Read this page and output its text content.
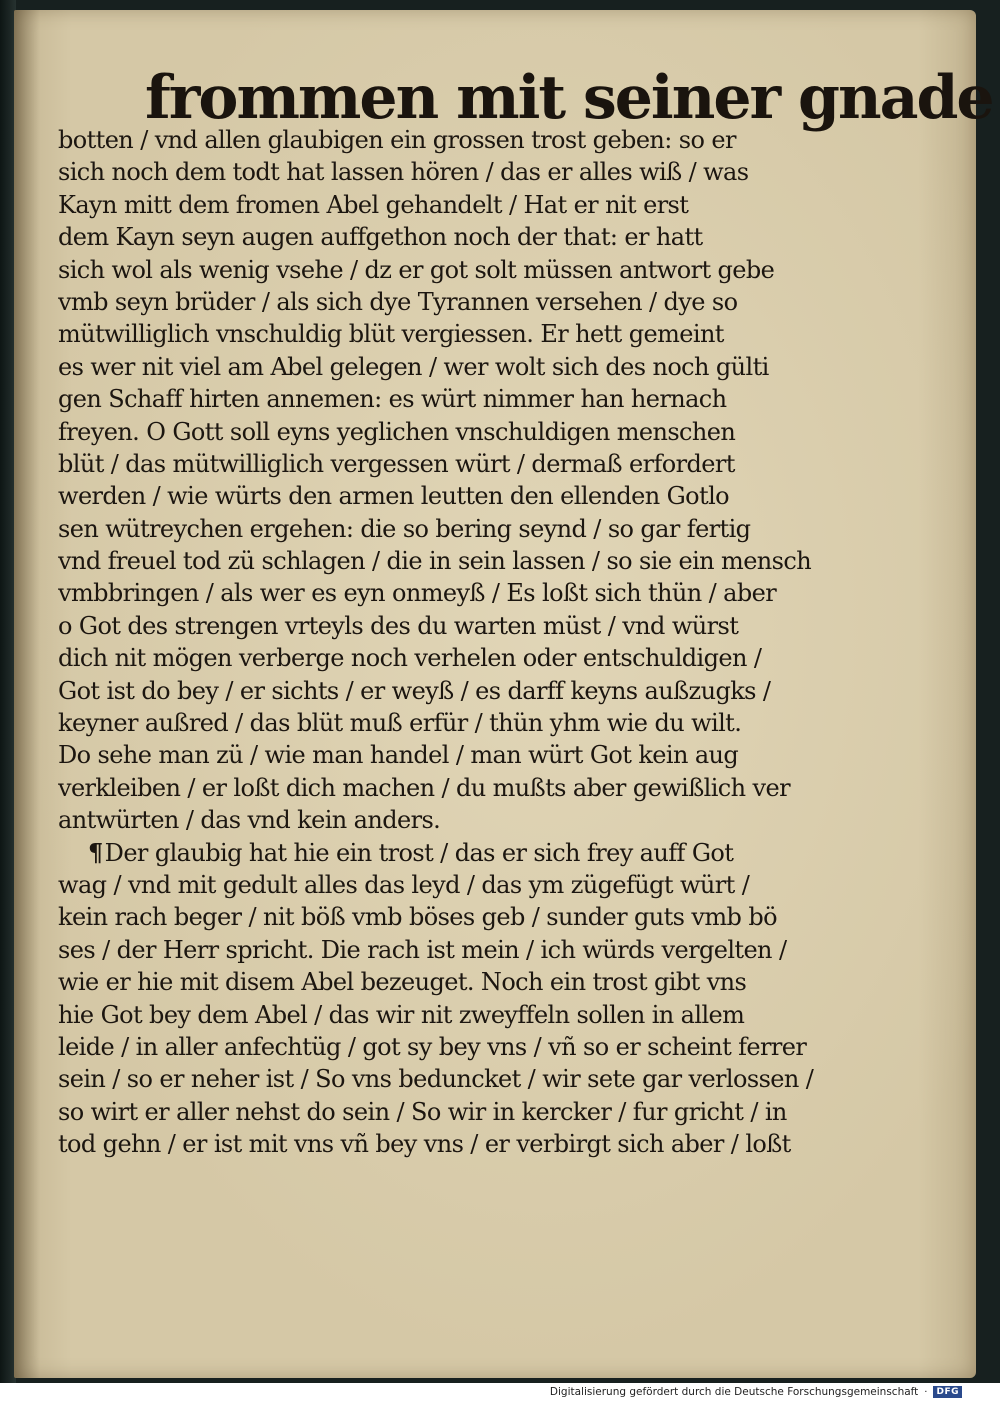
frommen mit seiner gnade
botten / vnd allen glaubigen ein grossen trost geben: so er
sich noch dem todt hat lassen hören / das er alles wiß / was
Kayn mitt dem fromen Abel gehandelt / Hat er nit erst
dem Kayn seyn augen auffgethon noch der that: er hatt
sich wol als wenig vsehe / dz er got solt müssen antwort gebe
vmb seyn brüder / als sich dye Tyrannen versehen / dye so
mütwilliglich vnschuldig blüt vergiessen. Er hett gemeint
es wer nit viel am Abel gelegen / wer wolt sich des noch gülti
gen Schaff hirten annemen: es würt nimmer han hernach
freyen. O Gott soll eyns yeglichen vnschuldigen menschen
blüt / das mütwilliglich vergessen würt / dermaß erfordert
werden / wie würts den armen leutten den ellenden Gotlo
sen wütreychen ergehen: die so bering seynd / so gar fertig
vnd freuel tod zü schlagen / die in sein lassen / so sie ein mensch
vmbbringen / als wer es eyn onmeyß / Es loßt sich thün / aber
o Got des strengen vrteyls des du warten müst / vnd würst
dich nit mögen verberge noch verhelen oder entschuldigen /
Got ist do bey / er sichts / er weyß / es darff keyns außzugks /
keyner außred / das blüt muß erfür / thün yhm wie du wilt.
Do sehe man zü / wie man handel / man würt Got kein aug
verkleiben / er loßt dich machen / du mußts aber gewißlich ver
antwürten / das vnd kein anders.
¶Der glaubig hat hie ein trost / das er sich frey auff Got
wag / vnd mit gedult alles das leyd / das ym zügefügt würt /
kein rach beger / nit böß vmb böses geb / sunder guts vmb bö
ses / der Herr spricht. Die rach ist mein / ich würds vergelten /
wie er hie mit disem Abel bezeuget. Noch ein trost gibt vns
hie Got bey dem Abel / das wir nit zweyffeln sollen in allem
leide / in aller anfechtüg / got sy bey vns / vñ so er scheint ferrer
sein / so er neher ist / So vns beduncket / wir sete gar verlossen /
so wirt er aller nehst do sein / So wir in kercker / fur gricht / in
tod gehn / er ist mit vns vñ bey vns / er verbirgt sich aber / loßt
Digitalisierung gefördert durch die Deutsche Forschungsgemeinschaft ·	DFG
